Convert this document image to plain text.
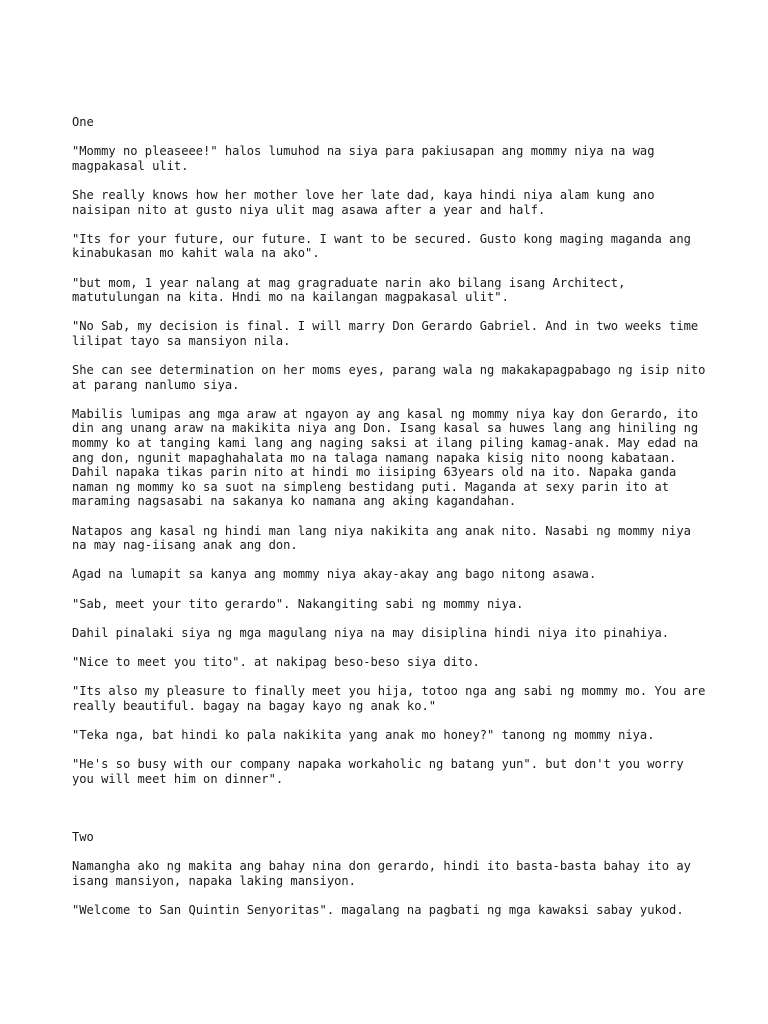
One

"Mommy no pleaseee!" halos lumuhod na siya para pakiusapan ang mommy niya na wag magpakasal ulit.

She really knows how her mother love her late dad, kaya hindi niya alam kung ano naisipan nito at gusto niya ulit mag asawa after a year and half.

"Its for your future, our future. I want to be secured. Gusto kong maging maganda ang kinabukasan mo kahit wala na ako".

"but mom, 1 year nalang at mag gragraduate narin ako bilang isang Architect, matutulungan na kita. Hndi mo na kailangan magpakasal ulit".

"No Sab, my decision is final. I will marry Don Gerardo Gabriel. And in two weeks time lilipat tayo sa mansiyon nila.

She can see determination on her moms eyes, parang wala ng makakapagpabago ng isip nito at parang nanlumo siya.

Mabilis lumipas ang mga araw at ngayon ay ang kasal ng mommy niya kay don Gerardo, ito din ang unang araw na makikita niya ang Don. Isang kasal sa huwes lang ang hiniling ng mommy ko at tanging kami lang ang naging saksi at ilang piling kamag-anak. May edad na ang don, ngunit mapaghahalata mo na talaga namang napaka kisig nito noong kabataan. Dahil napaka tikas parin nito at hindi mo iisiping 63years old na ito. Napaka ganda naman ng mommy ko sa suot na simpleng bestidang puti. Maganda at sexy parin ito at maraming nagsasabi na sakanya ko namana ang aking kagandahan.

Natapos ang kasal ng hindi man lang niya nakikita ang anak nito. Nasabi ng mommy niya na may nag-iisang anak ang don.

Agad na lumapit sa kanya ang mommy niya akay-akay ang bago nitong asawa.

"Sab, meet your tito gerardo". Nakangiting sabi ng mommy niya.

Dahil pinalaki siya ng mga magulang niya na may disiplina hindi niya ito pinahiya.

"Nice to meet you tito". at nakipag beso-beso siya dito.

"Its also my pleasure to finally meet you hija, totoo nga ang sabi ng mommy mo. You are really beautiful. bagay na bagay kayo ng anak ko."

"Teka nga, bat hindi ko pala nakikita yang anak mo honey?" tanong ng mommy niya.

"He's so busy with our company napaka workaholic ng batang yun". but don't you worry you will meet him on dinner".

Two

Namangha ako ng makita ang bahay nina don gerardo, hindi ito basta-basta bahay ito ay isang mansiyon, napaka laking mansiyon.

"Welcome to San Quintin Senyoritas". magalang na pagbati ng mga kawaksi sabay yukod.
